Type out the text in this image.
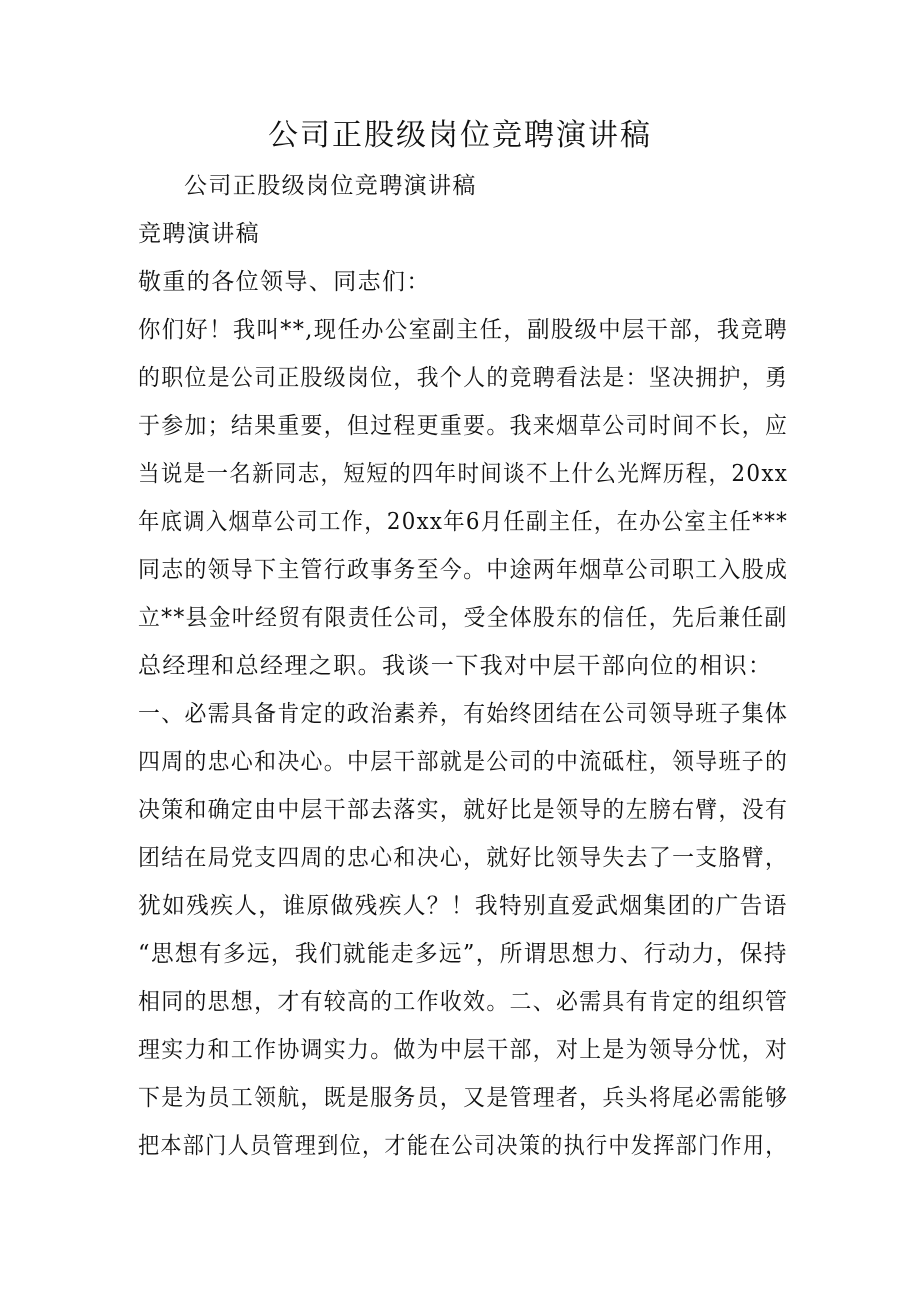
公司正股级岗位竞聘演讲稿
公司正股级岗位竞聘演讲稿
竞聘演讲稿
敬重的各位领导、同志们：
你们好！我叫**,现任办公室副主任，副股级中层干部，我竞聘
的职位是公司正股级岗位，我个人的竞聘看法是：坚决拥护，勇
于参加；结果重要，但过程更重要。我来烟草公司时间不长，应
当说是一名新同志，短短的四年时间谈不上什么光辉历程，20xx
年底调入烟草公司工作，20xx年6月任副主任，在办公室主任***
同志的领导下主管行政事务至今。中途两年烟草公司职工入股成
立**县金叶经贸有限责任公司，受全体股东的信任，先后兼任副
总经理和总经理之职。我谈一下我对中层干部向位的相识：
一、必需具备肯定的政治素养，有始终团结在公司领导班子集体
四周的忠心和决心。中层干部就是公司的中流砥柱，领导班子的
决策和确定由中层干部去落实，就好比是领导的左膀右臂，没有
团结在局党支四周的忠心和决心，就好比领导失去了一支胳臂，
犹如残疾人，谁原做残疾人？！我特别直爱武烟集团的广告语
“思想有多远，我们就能走多远”，所谓思想力、行动力，保持
相同的思想，才有较高的工作收效。二、必需具有肯定的组织管
理实力和工作协调实力。做为中层干部，对上是为领导分忧，对
下是为员工领航，既是服务员，又是管理者，兵头将尾必需能够
把本部门人员管理到位，才能在公司决策的执行中发挥部门作用，
